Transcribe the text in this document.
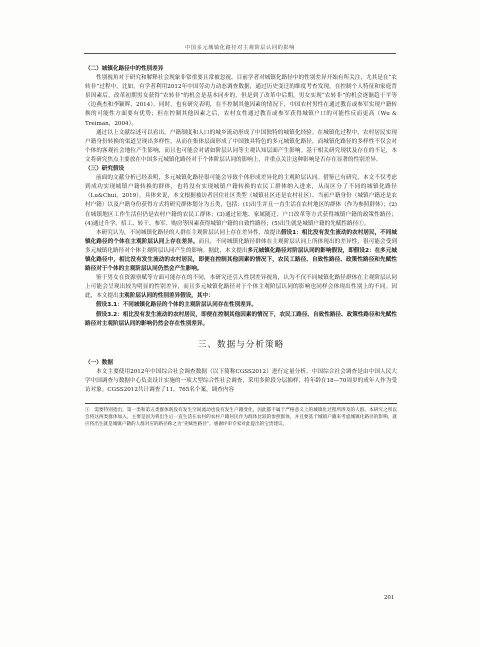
中国多元城镇化路径对主观阶层认同的影响

（二）城镇化路径中的性别差异

性别视角对于研究和解释社会现象非常重要且常被忽视。目前学者对城镇化路径中的性别差异开始有所关注，尤其是在“农转非”过程中。比如，有学者利用2012年中国劳动力动态调查数据，通过历史变迁的维度考查发现，在控制个人特征和家庭背景因素后，改革初期男女获得“农转非”的机会是基本同步的，但是到了改革中后期，男女实现“农转非”的机会逐渐趋于平等（边燕杰和李颖晖，2014）。同时，也有研究表明，在不控制其他因素的情况下，中国农村男性在通过教育或参军实现户籍转换的可能性方面要有优势；但在控制其他因素之后，农村女性通过教育或参军获得城镇户口的可能性反而更高（Wu & Treiman，2004）。

通过以上文献综述可以看出，户籍制度和人口的城乡流动形成了中国独特的城镇化经验。在城镇化过程中，农村居民实现户籍身份转换的渠道呈现出多样性，从而在集体层面形成了中国独具特色的多元城镇化路径，而城镇化路径的多样性不仅会对个体的客观社会地位产生影响，而且也可能会对诸如阶层认同等主观认知层面产生影响。基于相关研究现状及存在的不足，本文将研究焦点主要放在中国多元城镇化路径对于个体阶层认同的影响上，并重点关注这种影响是否存在显著的性别差异。

（三）研究假设

前面的文献分析已经表明，多元城镇化路径很可能会导致个体形成差异化的主观阶层认同。借鉴已有研究，本文不仅考虑到成功实现城镇户籍转换的群体，也将没有实现城镇户籍转换的农民工群体纳入进来，从而区分了不同的城镇化路径（Lu&Chui，2019）。具体来说，本文根据被访者居住社区类型（城镇社区还是农村社区）、当前户籍身份（城镇户籍还是农村户籍）以及户籍身份获得方式将研究群体划分为五类，包括：(1)出生并且一直生活在农村地区的群体（作为参照群体）；(2)在城镇地区工作生活但仍是农村户籍的农民工群体；(3)通过征地、家属随迁、户口改革等方式获得城镇户籍的政策性路径；(4)通过升学、招工、转干、参军、购房等因素获得城镇户籍的自致性路径；(5)出生就是城镇户籍的先赋性路径①。

本研究认为，不同城镇化路径的人群在主观阶层认同上存在差异性，故提出假设1：相比没有发生流动的农村居民，不同城镇化路径的个体在主观阶层认同上存在差异。而且，不同城镇化路径群体在主观阶层认同上所体现出的差异性，很可能会受到多元城镇化路径对个体主观阶层认同产生的影响。据此，本文提出多元城镇化路径对阶层认同的影响假设，即假设2：在多元城镇化路径中，相比没有发生流动的农村居民，即便在控制其他因素的情况下，农民工路径、自致性路径、政策性路径和先赋性路径对于个体的主观阶层认同仍然会产生影响。

鉴于男女在资源禀赋等方面可能存在的不同，本研究还引入性别差异视角，认为不仅不同城镇化路径群体在主观阶层认同上可能会呈现出较为明显的性别差异，而且多元城镇化路径对于个体主观阶层认同的影响也同样会体现出性别上的不同。因此，本文提出主观阶层认同的性别差异假设，其中：

假设3.1：不同城镇化路径的个体的主观阶层认同存在性别差异。

假设3.2：相比没有发生流动的农村居民，即便在控制其他因素的情况下，农民工路径、自致性路径、政策性路径和先赋性路径对主观阶层认同的影响仍然会存在性别差异。

三、数据与分析策略

（一）数据

本文主要使用2012年中国综合社会调查数据（以下简称CGSS2012）进行定量分析。中国综合社会调查是由中国人民大学中国调查与数据中心负责设计实施的一项大型综合性社会调查，采用多阶段分层抽样，将年龄在18—70周岁的成年人作为受访对象。CGSS2012共计调查了11，765名个案，调查内容

①　需要特别指出，第一类和第五类群体既没有发生空间流动也没有发生户籍变化，因此都不属于严格意义上的城镇化过程所涉及的人群。本研究之所以会将这两类群体加入，主要是因为将出生后一直生活在农村的农村户籍居民作为群体比较的参照群体，并且要基于城镇户籍来考虑城镇化路径的影响，就应将出生就是城镇户籍的人群对应的路径称之为“先赋性路径”。感谢评审专家对此提出的宝贵建议。

201
